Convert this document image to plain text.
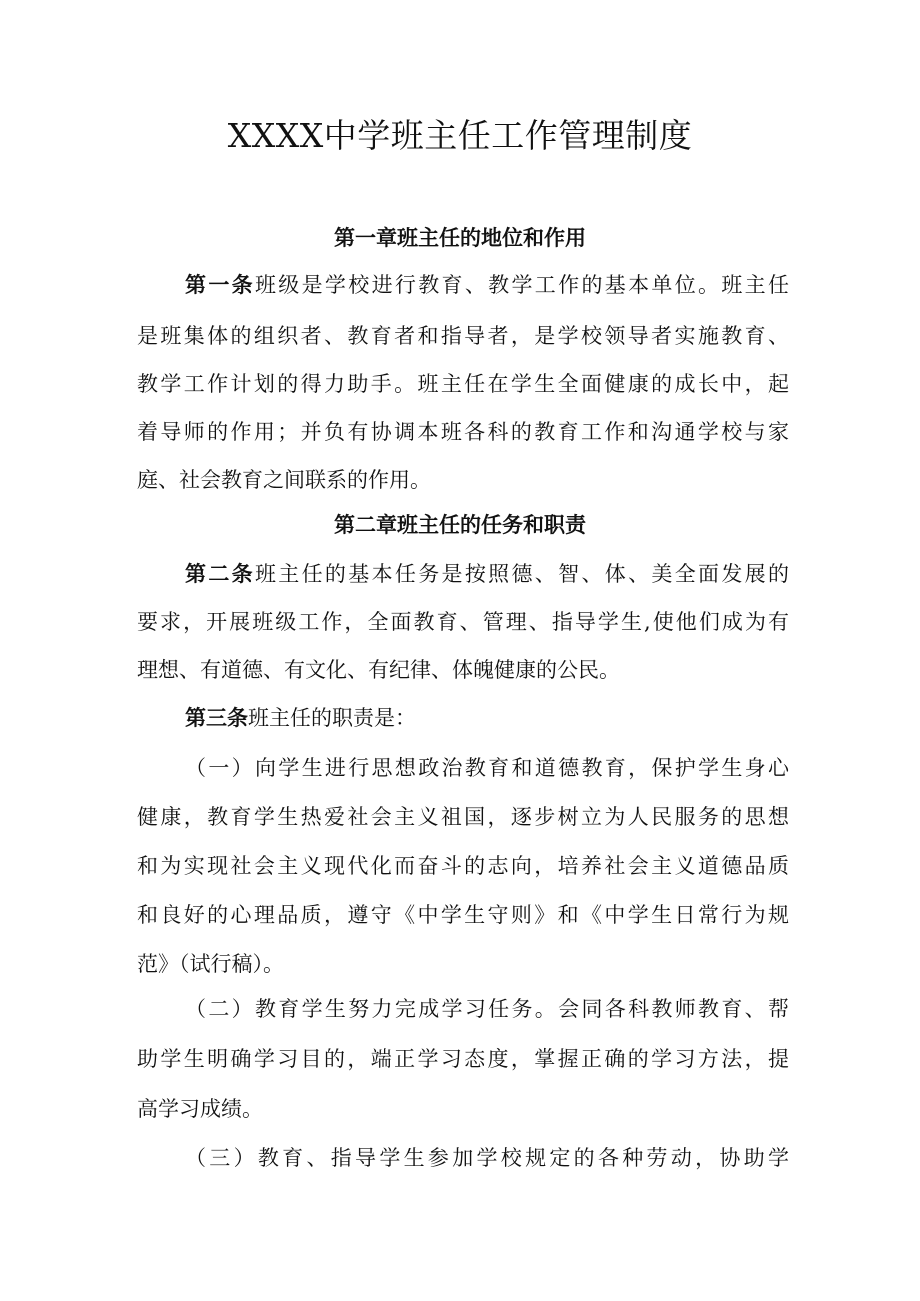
XXXX中学班主任工作管理制度
第一章班主任的地位和作用
第一条班级是学校进行教育、教学工作的基本单位。班主任
是班集体的组织者、教育者和指导者，是学校领导者实施教育、
教学工作计划的得力助手。班主任在学生全面健康的成长中，起
着导师的作用；并负有协调本班各科的教育工作和沟通学校与家
庭、社会教育之间联系的作用。
第二章班主任的任务和职责
第二条班主任的基本任务是按照德、智、体、美全面发展的
要求，开展班级工作，全面教育、管理、指导学生,使他们成为有
理想、有道德、有文化、有纪律、体魄健康的公民。
第三条班主任的职责是：
（一）向学生进行思想政治教育和道德教育，保护学生身心
健康，教育学生热爱社会主义祖国，逐步树立为人民服务的思想
和为实现社会主义现代化而奋斗的志向，培养社会主义道德品质
和良好的心理品质，遵守《中学生守则》和《中学生日常行为规
范》（试行稿）。
（二）教育学生努力完成学习任务。会同各科教师教育、帮
助学生明确学习目的，端正学习态度，掌握正确的学习方法，提
高学习成绩。
（三）教育、指导学生参加学校规定的各种劳动，协助学
